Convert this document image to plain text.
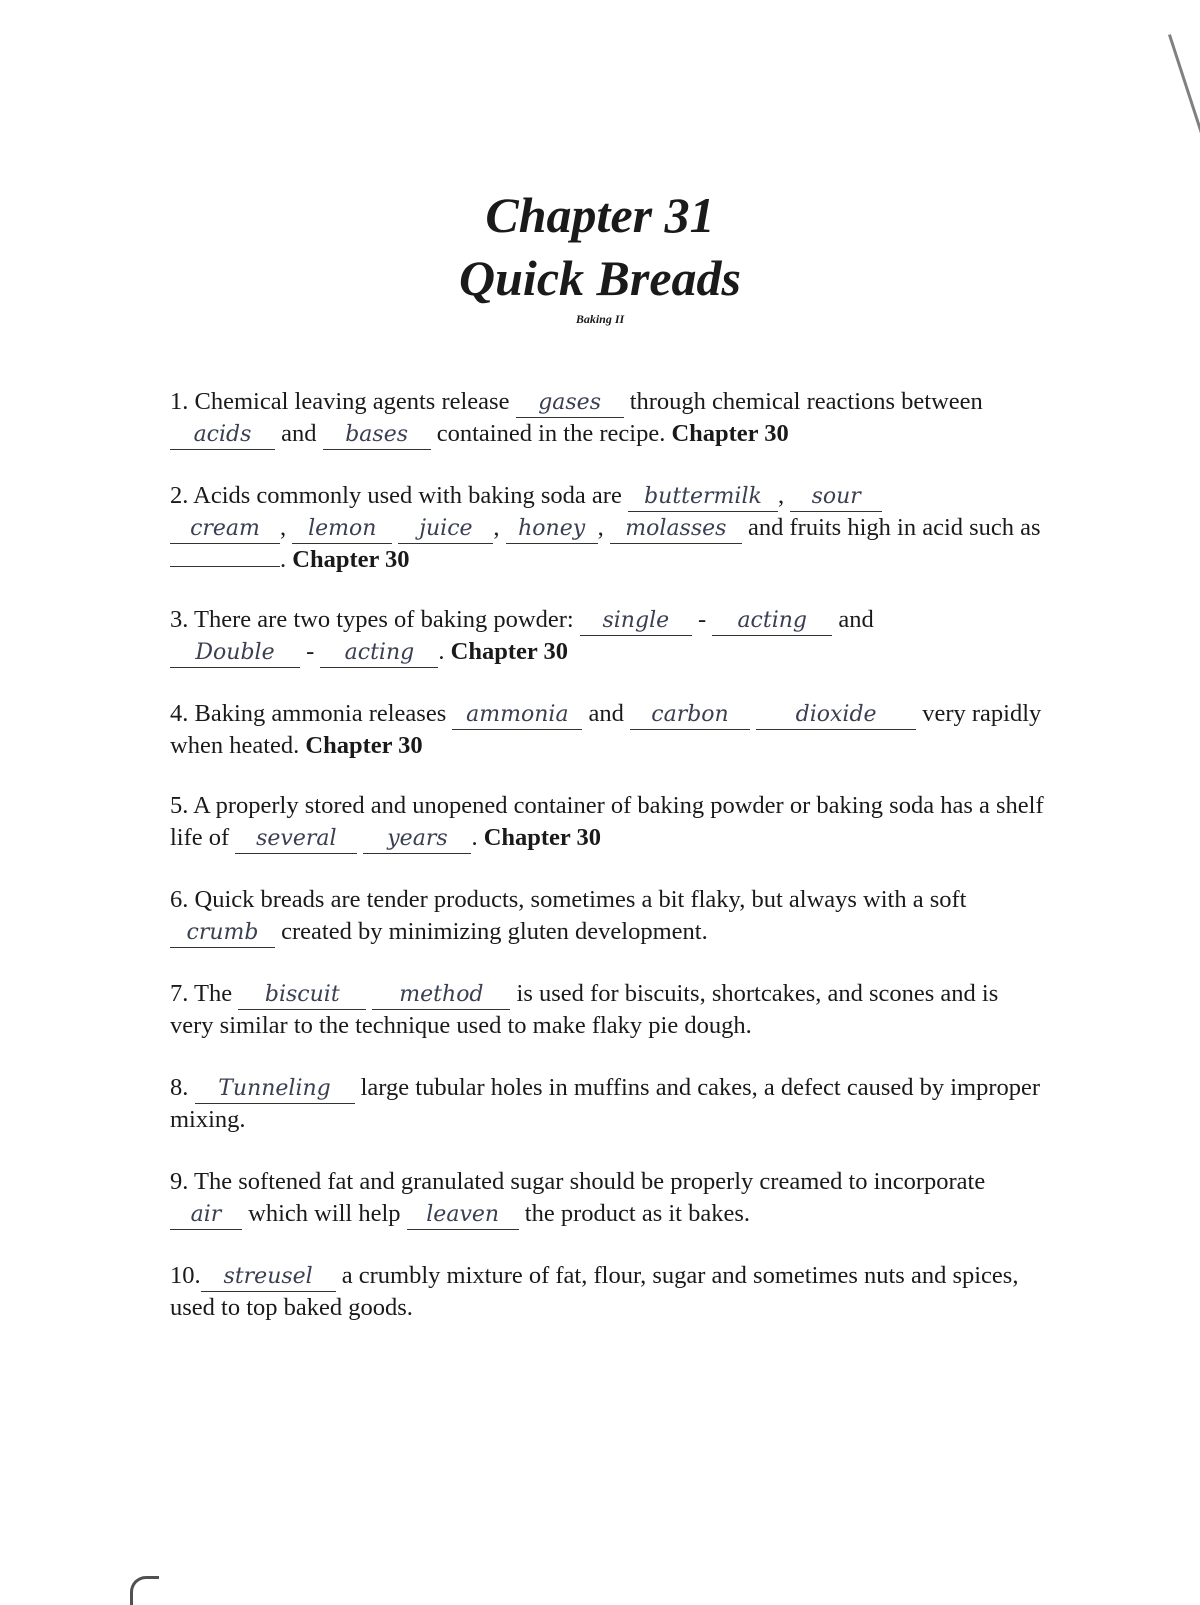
Chapter 31
Quick Breads
Baking II
1. Chemical leaving agents release gases through chemical reactions between acids and bases contained in the recipe. Chapter 30
2. Acids commonly used with baking soda are buttermilk , sour
cream , lemon juice , honey , molasses and fruits high in acid such as . Chapter 30
3. There are two types of baking powder: single - acting and
Double - acting . Chapter 30
4. Baking ammonia releases ammonia and carbon	dioxide very rapidly when heated. Chapter 30
5. A properly stored and unopened container of baking powder or baking soda has a shelf life of several years . Chapter 30
6. Quick breads are tender products, sometimes a bit flaky, but always with a soft crumb created by minimizing gluten development.
7. The biscuit	method is used for biscuits, shortcakes, and scones and is very similar to the technique used to make flaky pie dough.
8. Tunneling large tubular holes in muffins and cakes, a defect caused by improper mixing.
9. The softened fat and granulated sugar should be properly creamed to incorporate air which will help leaven the product as it bakes.
10. streusel a crumbly mixture of fat, flour, sugar and sometimes nuts and spices, used to top baked goods.
